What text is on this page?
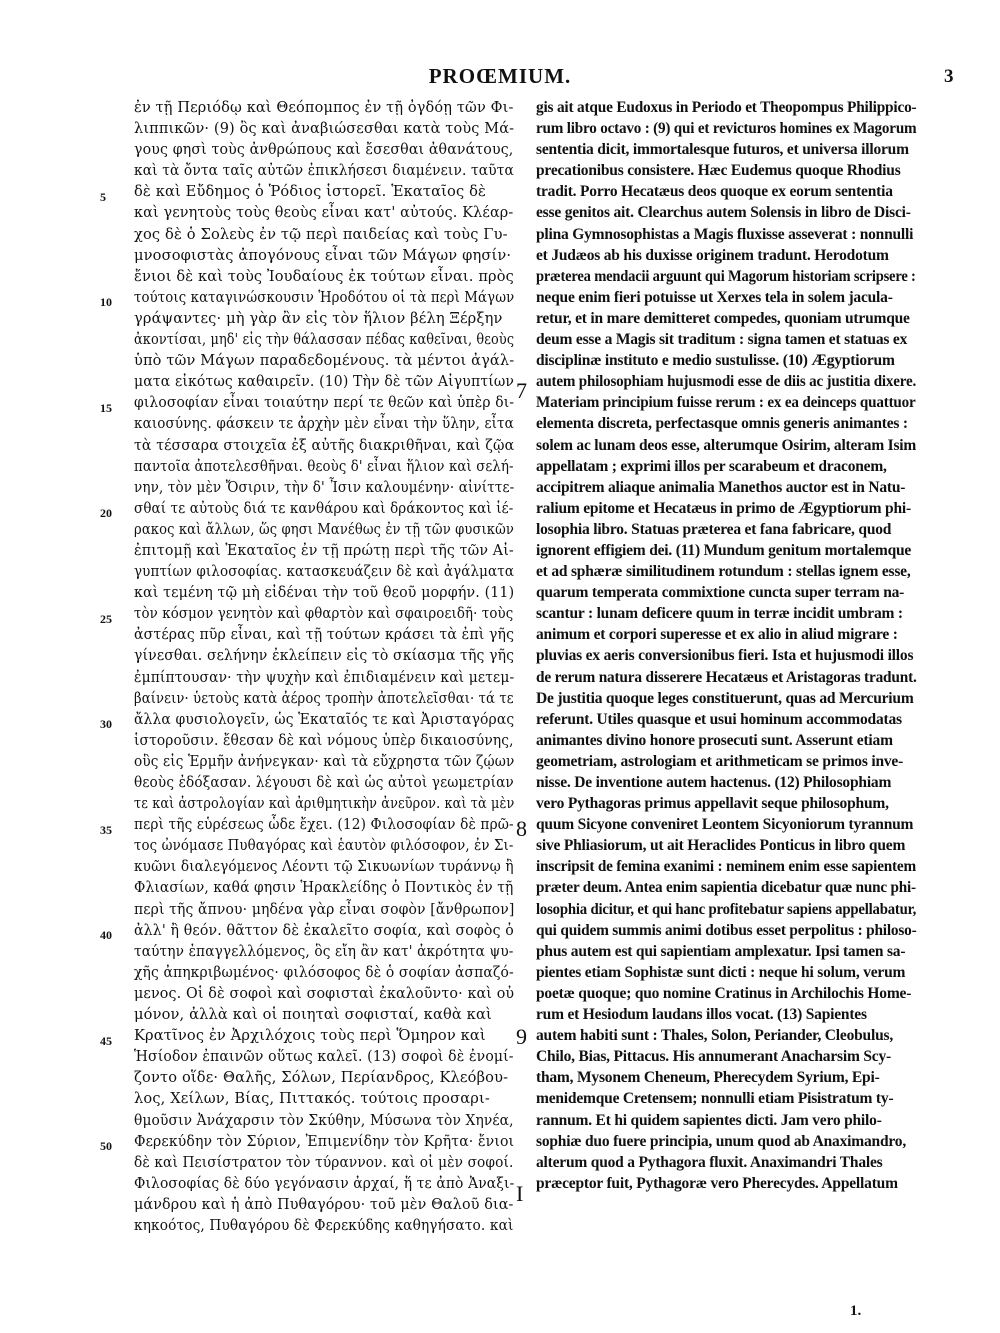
PROŒMIUM.	3
ἐν τῇ Περιόδῳ καὶ Θεόπομπος ἐν τῇ ὀγδόῃ τῶν Φι-
λιππικῶν· (9) ὃς καὶ ἀναβιώσεσθαι κατὰ τοὺς Μά-
γους φησὶ τοὺς ἀνθρώπους καὶ ἔσεσθαι ἀθανάτους,
καὶ τὰ ὄντα ταῖς αὐτῶν ἐπικλήσεσι διαμένειν. ταῦτα
δὲ καὶ Εὔδημος ὁ Ῥόδιος ἱστορεῖ. Ἑκαταῖος δὲ
καὶ γενητοὺς τοὺς θεοὺς εἶναι κατ' αὐτούς. Κλέαρ-
χος δὲ ὁ Σολεὺς ἐν τῷ περὶ παιδείας καὶ τοὺς Γυ-
μνοσοφιστὰς ἀπογόνους εἶναι τῶν Μάγων φησίν·
ἔνιοι δὲ καὶ τοὺς Ἰουδαίους ἐκ τούτων εἶναι. πρὸς
τούτοις καταγινώσκουσιν Ἡροδότου οἱ τὰ περὶ Μάγων
γράψαντες· μὴ γὰρ ἂν εἰς τὸν ἥλιον βέλη Ξέρξην
ἀκοντίσαι, μηδ' εἰς τὴν θάλασσαν πέδας καθεῖναι, θεοὺς
ὑπὸ τῶν Μάγων παραδεδομένους. τὰ μέντοι ἀγάλ-
ματα εἰκότως καθαιρεῖν. (10) Τὴν δὲ τῶν Αἰγυπτίων
φιλοσοφίαν εἶναι τοιαύτην περί τε θεῶν καὶ ὑπὲρ δι-
καιοσύνης. φάσκειν τε ἀρχὴν μὲν εἶναι τὴν ὕλην, εἶτα
τὰ τέσσαρα στοιχεῖα ἐξ αὐτῆς διακριθῆναι, καὶ ζῷα
παντοῖα ἀποτελεσθῆναι. θεοὺς δ' εἶναι ἥλιον καὶ σελή-
νην, τὸν μὲν Ὄσιριν, τὴν δ' Ἶσιν καλουμένην· αἰνίττε-
σθαί τε αὐτοὺς διά τε κανθάρου καὶ δράκοντος καὶ ἱέ-
ρακος καὶ ἄλλων, ὥς φησι Μανέθως ἐν τῇ τῶν φυσικῶν
ἐπιτομῇ καὶ Ἑκαταῖος ἐν τῇ πρώτῃ περὶ τῆς τῶν Αἰ-
γυπτίων φιλοσοφίας. κατασκευάζειν δὲ καὶ ἀγάλματα
καὶ τεμένη τῷ μὴ εἰδέναι τὴν τοῦ θεοῦ μορφήν. (11)
τὸν κόσμον γενητὸν καὶ φθαρτὸν καὶ σφαιροειδῆ· τοὺς
ἀστέρας πῦρ εἶναι, καὶ τῇ τούτων κράσει τὰ ἐπὶ γῆς
γίνεσθαι. σελήνην ἐκλείπειν εἰς τὸ σκίασμα τῆς γῆς
ἐμπίπτουσαν· τὴν ψυχὴν καὶ ἐπιδιαμένειν καὶ μετεμ-
βαίνειν· ὑετοὺς κατὰ ἀέρος τροπὴν ἀποτελεῖσθαι· τά τε
ἄλλα φυσιολογεῖν, ὡς Ἑκαταῖός τε καὶ Ἀρισταγόρας
ἱστοροῦσιν. ἔθεσαν δὲ καὶ νόμους ὑπὲρ δικαιοσύνης,
οὓς εἰς Ἑρμῆν ἀνήνεγκαν· καὶ τὰ εὔχρηστα τῶν ζῴων
θεοὺς ἐδόξασαν. λέγουσι δὲ καὶ ὡς αὐτοὶ γεωμετρίαν
τε καὶ ἀστρολογίαν καὶ ἀριθμητικὴν ἀνεῦρον. καὶ τὰ μὲν
περὶ τῆς εὑρέσεως ὧδε ἔχει. (12) Φιλοσοφίαν δὲ πρῶ-
τος ὠνόμασε Πυθαγόρας καὶ ἑαυτὸν φιλόσοφον, ἐν Σι-
κυῶνι διαλεγόμενος Λέοντι τῷ Σικυωνίων τυράννῳ ἢ
Φλιασίων, καθά φησιν Ἡρακλείδης ὁ Ποντικὸς ἐν τῇ
περὶ τῆς ἄπνου· μηδένα γὰρ εἶναι σοφὸν [ἄνθρωπον]
ἀλλ' ἢ θεόν. θᾶττον δὲ ἐκαλεῖτο σοφία, καὶ σοφὸς ὁ
ταύτην ἐπαγγελλόμενος, ὃς εἴη ἂν κατ' ἀκρότητα ψυ-
χῆς ἀπηκριβωμένος· φιλόσοφος δὲ ὁ σοφίαν ἀσπαζό-
μενος. Οἱ δὲ σοφοὶ καὶ σοφισταὶ ἐκαλοῦντο· καὶ οὐ
μόνον, ἀλλὰ καὶ οἱ ποιηταὶ σοφισταί, καθὰ καὶ
Κρατῖνος ἐν Ἀρχιλόχοις τοὺς περὶ Ὅμηρον καὶ
Ἡσίοδον ἐπαινῶν οὕτως καλεῖ. (13) σοφοὶ δὲ ἐνομί-
ζοντο οἵδε· Θαλῆς, Σόλων, Περίανδρος, Κλεόβου-
λος, Χείλων, Βίας, Πιττακός. τούτοις προσαρι-
θμοῦσιν Ἀνάχαρσιν τὸν Σκύθην, Μύσωνα τὸν Χηνέα,
Φερεκύδην τὸν Σύριον, Ἐπιμενίδην τὸν Κρῆτα· ἔνιοι
δὲ καὶ Πεισίστρατον τὸν τύραννον. καὶ οἱ μὲν σοφοί.
Φιλοσοφίας δὲ δύο γεγόνασιν ἀρχαί, ἥ τε ἀπὸ Ἀναξι-
μάνδρου καὶ ἡ ἀπὸ Πυθαγόρου· τοῦ μὲν Θαλοῦ δια-
κηκοότος, Πυθαγόρου δὲ Φερεκύδης καθηγήσατο. καὶ
gis ait atque Eudoxus in Periodo et Theopompus Philippico-
rum libro octavo : (9) qui et revicturos homines ex Magorum
sententia dicit, immortalesque futuros, et universa illorum
precationibus consistere. Hæc Eudemus quoque Rhodius
tradit. Porro Hecatæus deos quoque ex eorum sententia
esse genitos ait. Clearchus autem Solensis in libro de Disci-
plina Gymnosophistas a Magis fluxisse asseverat : nonnulli
et Judæos ab his duxisse originem tradunt. Herodotum
præterea mendacii arguunt qui Magorum historiam scripsere :
neque enim fieri potuisse ut Xerxes tela in solem jacula-
retur, et in mare demitteret compedes, quoniam utrumque
deum esse a Magis sit traditum : signa tamen et statuas ex
disciplinæ instituto e medio sustulisse. (10) Ægyptiorum
autem philosophiam hujusmodi esse de diis ac justitia dixere.
Materiam principium fuisse rerum : ex ea deinceps quattuor
elementa discreta, perfectasque omnis generis animantes :
solem ac lunam deos esse, alterumque Osirim, alteram Isim
appellatam ; exprimi illos per scarabeum et draconem,
accipitrem aliaque animalia Manethos auctor est in Natu-
ralium epitome et Hecatæus in primo de Ægyptiorum phi-
losophia libro. Statuas præterea et fana fabricare, quod
ignorent effigiem dei. (11) Mundum genitum mortalemque
et ad sphæræ similitudinem rotundum : stellas ignem esse,
quarum temperata commixtione cuncta super terram na-
scantur : lunam deficere quum in terræ incidit umbram :
animum et corpori superesse et ex alio in aliud migrare :
pluvias ex aeris conversionibus fieri. Ista et hujusmodi illos
de rerum natura disserere Hecatæus et Aristagoras tradunt.
De justitia quoque leges constituerunt, quas ad Mercurium
referunt. Utiles quasque et usui hominum accommodatas
animantes divino honore prosecuti sunt. Asserunt etiam
geometriam, astrologiam et arithmeticam se primos inve-
nisse. De inventione autem hactenus. (12) Philosophiam
vero Pythagoras primus appellavit seque philosophum,
quum Sicyone conveniret Leontem Sicyoniorum tyrannum
sive Phliasiorum, ut ait Heraclides Ponticus in libro quem
inscripsit de femina exanimi : neminem enim esse sapientem
præter deum. Antea enim sapientia dicebatur quæ nunc phi-
losophia dicitur, et qui hanc profitebatur sapiens appellabatur,
qui quidem summis animi dotibus esset perpolitus : philoso-
phus autem est qui sapientiam amplexatur. Ipsi tamen sa-
pientes etiam Sophistæ sunt dicti : neque hi solum, verum
poetæ quoque; quo nomine Cratinus in Archilochis Home-
rum et Hesiodum laudans illos vocat. (13) Sapientes
autem habiti sunt : Thales, Solon, Periander, Cleobulus,
Chilo, Bias, Pittacus. His annumerant Anacharsim Scy-
tham, Mysonem Cheneum, Pherecydem Syrium, Epi-
menidemque Cretensem; nonnulli etiam Pisistratum ty-
rannum. Et hi quidem sapientes dicti. Jam vero philo-
sophiæ duo fuere principia, unum quod ab Anaximandro,
alterum quod a Pythagora fluxit. Anaximandri Thales
præceptor fuit, Pythagoræ vero Pherecydes. Appellatum
5
10
15
20
25
30
35
40
45
50
7
8
9
I
1.
